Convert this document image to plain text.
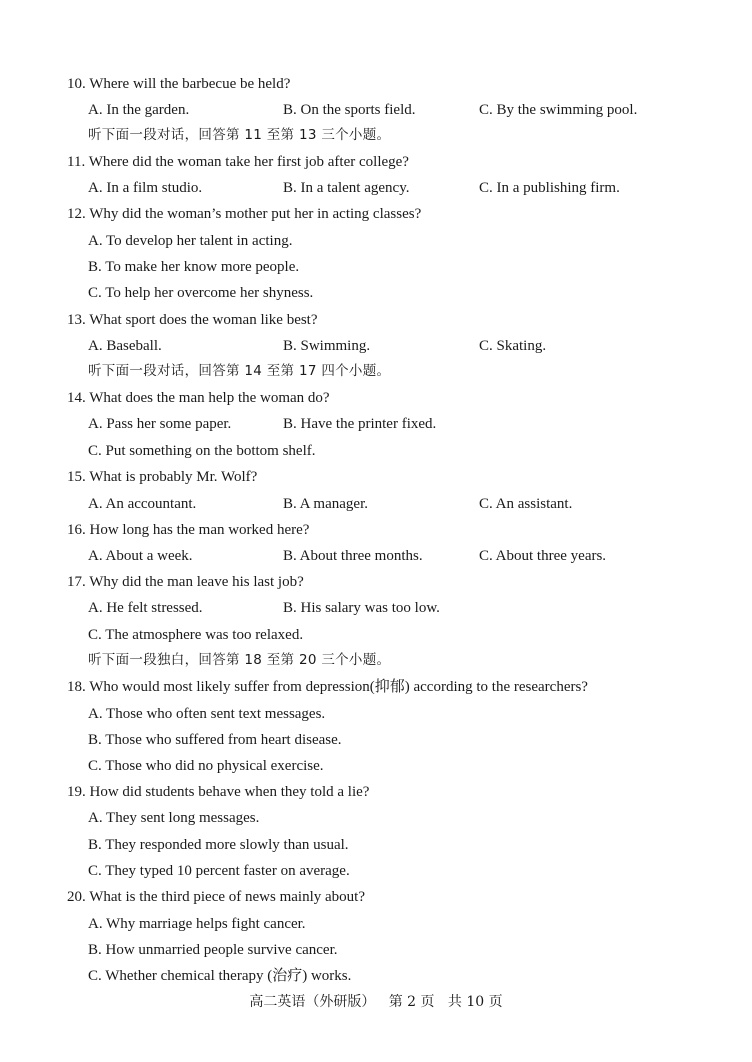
10. Where will the barbecue be held?
A. In the garden.	B. On the sports field.	C. By the swimming pool.
听下面一段对话，回答第 11 至第 13 三个小题。
11. Where did the woman take her first job after college?
A. In a film studio.	B. In a talent agency.	C. In a publishing firm.
12. Why did the woman’s mother put her in acting classes?
A. To develop her talent in acting.
B. To make her know more people.
C. To help her overcome her shyness.
13. What sport does the woman like best?
A. Baseball.	B. Swimming.	C. Skating.
听下面一段对话，回答第 14 至第 17 四个小题。
14. What does the man help the woman do?
A. Pass her some paper.	B. Have the printer fixed.
C. Put something on the bottom shelf.
15. What is probably Mr. Wolf?
A. An accountant.	B. A manager.	C. An assistant.
16. How long has the man worked here?
A. About a week.	B. About three months.	C. About three years.
17. Why did the man leave his last job?
A. He felt stressed.	B. His salary was too low.
C. The atmosphere was too relaxed.
听下面一段独白，回答第 18 至第 20 三个小题。
18. Who would most likely suffer from depression(抑郁) according to the researchers?
A. Those who often sent text messages.
B. Those who suffered from heart disease.
C. Those who did no physical exercise.
19. How did students behave when they told a lie?
A. They sent long messages.
B. They responded more slowly than usual.
C. They typed 10 percent faster on average.
20. What is the third piece of news mainly about?
A. Why marriage helps fight cancer.
B. How unmarried people survive cancer.
C. Whether chemical therapy (治疗) works.
高二英语（外研版）   第 2 页   共 10 页
